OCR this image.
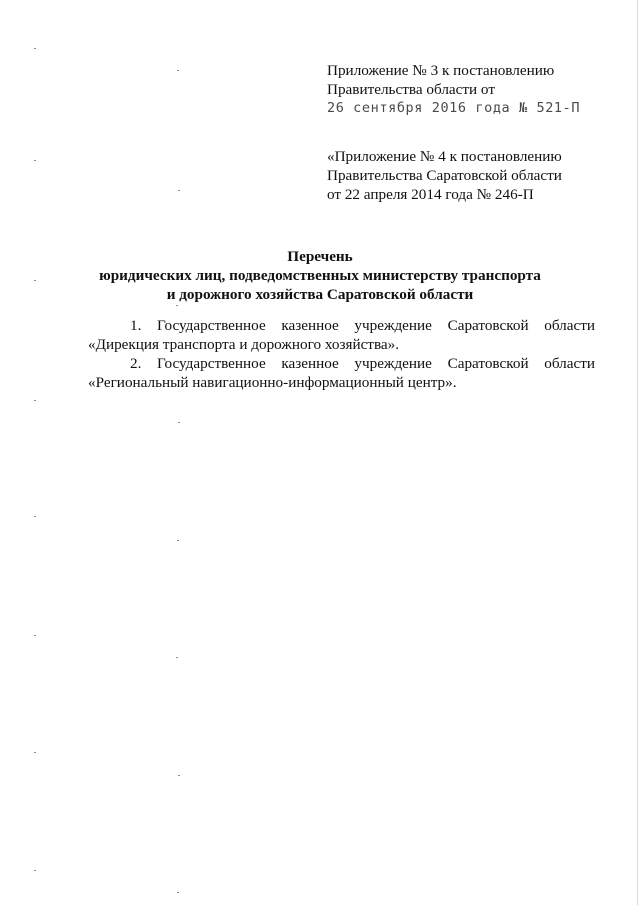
Приложение № 3 к постановлению
Правительства области от
26 сентября 2016 года № 521-П
«Приложение № 4 к постановлению
Правительства Саратовской области
от 22 апреля 2014 года № 246-П
Перечень
юридических лиц, подведомственных министерству транспорта
и дорожного хозяйства Саратовской области

1. Государственное казенное учреждение Саратовской области «Дирекция транспорта и дорожного хозяйства».

2. Государственное казенное учреждение Саратовской области «Региональный навигационно-информационный центр».
